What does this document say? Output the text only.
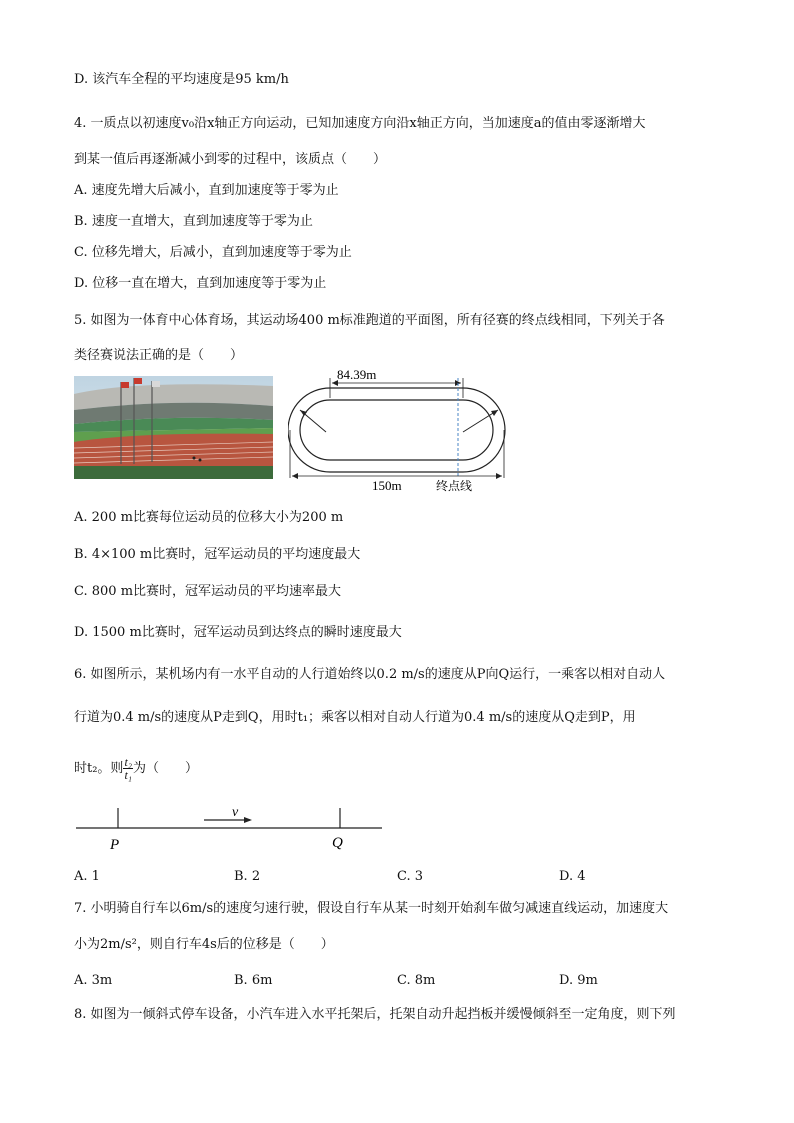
D. 该汽车全程的平均速度是95 km/h
4. 一质点以初速度v₀沿x轴正方向运动，已知加速度方向沿x轴正方向，当加速度a的值由零逐渐增大
到某一值后再逐渐减小到零的过程中，该质点（　　）
A. 速度先增大后减小，直到加速度等于零为止
B. 速度一直增大，直到加速度等于零为止
C. 位移先增大，后减小，直到加速度等于零为止
D. 位移一直在增大，直到加速度等于零为止
5. 如图为一体育中心体育场，其运动场400 m标准跑道的平面图，所有径赛的终点线相同，下列关于各
类径赛说法正确的是（　　）
84.39m
150m	终点线
A. 200 m比赛每位运动员的位移大小为200 m
B. 4×100 m比赛时，冠军运动员的平均速度最大
C. 800 m比赛时，冠军运动员的平均速率最大
D. 1500 m比赛时，冠军运动员到达终点的瞬时速度最大
6. 如图所示，某机场内有一水平自动的人行道始终以0.2 m/s的速度从P向Q运行，一乘客以相对自动人
行道为0.4 m/s的速度从P走到Q，用时t₁；乘客以相对自动人行道为0.4 m/s的速度从Q走到P，用
时t₂。则 $\frac{\text{t₂}}{\text{t₁}}$ 为（　　）
v
P	Q
A. 1	B. 2	C. 3	D. 4
7. 小明骑自行车以6m/s的速度匀速行驶，假设自行车从某一时刻开始刹车做匀减速直线运动，加速度大
小为2m/s²，则自行车4s后的位移是（　　）
A. 3m	B. 6m	C. 8m	D. 9m
8. 如图为一倾斜式停车设备，小汽车进入水平托架后，托架自动升起挡板并缓慢倾斜至一定角度，则下列
